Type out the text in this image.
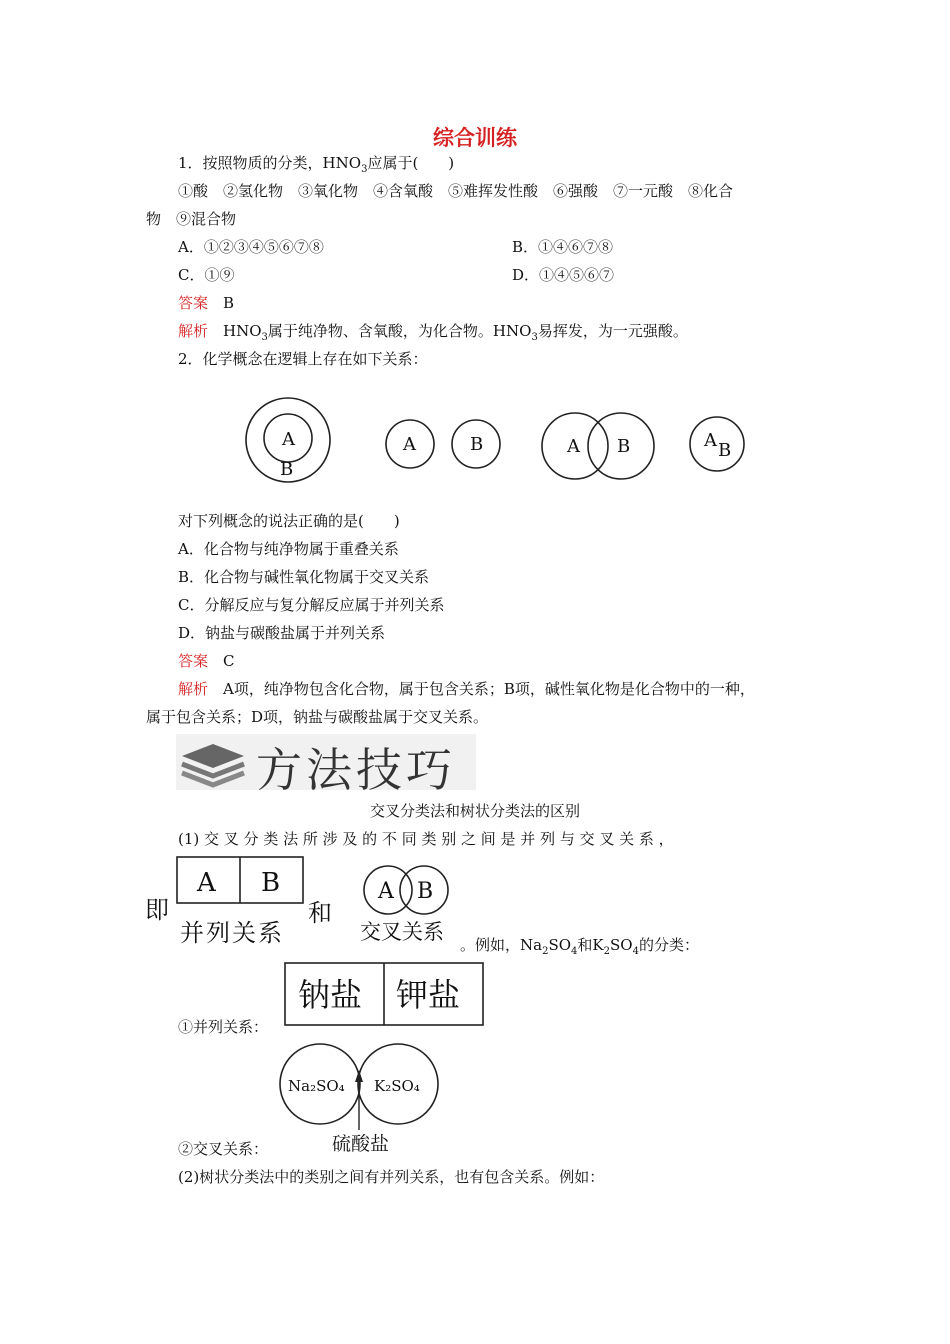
综合训练
1．按照物质的分类，$HNO_3$应属于(　　)
①酸　②氢化物　③氧化物　④含氧酸　⑤难挥发性酸　⑥强酸　⑦一元酸　⑧化合
物　⑨混合物
A．①②③④⑤⑥⑦⑧	B．①④⑥⑦⑧
C．①⑨	D．①④⑤⑥⑦
答案　 B
解析　 $HNO_3$属于纯净物、含氧酸，为化合物。$HNO_3$易挥发，为一元强酸。
2．化学概念在逻辑上存在如下关系：
A
B
A	B	A B	A B
对下列概念的说法正确的是(　　)
A．化合物与纯净物属于重叠关系
B．化合物与碱性氧化物属于交叉关系
C．分解反应与复分解反应属于并列关系
D．钠盐与碳酸盐属于并列关系
答案　 C
解析　 A项，纯净物包含化合物，属于包含关系；B项，碱性氧化物是化合物中的一种，
属于包含关系；D项，钠盐与碳酸盐属于交叉关系。
方法技巧
交叉分类法和树状分类法的区别
(1) 交 叉 分 类 法 所 涉 及 的 不 同 类 别 之 间 是 并 列 与 交 叉 关 系 ，
即
A B
并列关系
和
A B
交叉关系
。例如，$Na_2SO_4$和$K_2SO_4$的分类：
①并列关系：
钠盐 钾盐
②交叉关系：
Na₂SO₄ K₂SO₄
硫酸盐
(2)树状分类法中的类别之间有并列关系，也有包含关系。例如：
